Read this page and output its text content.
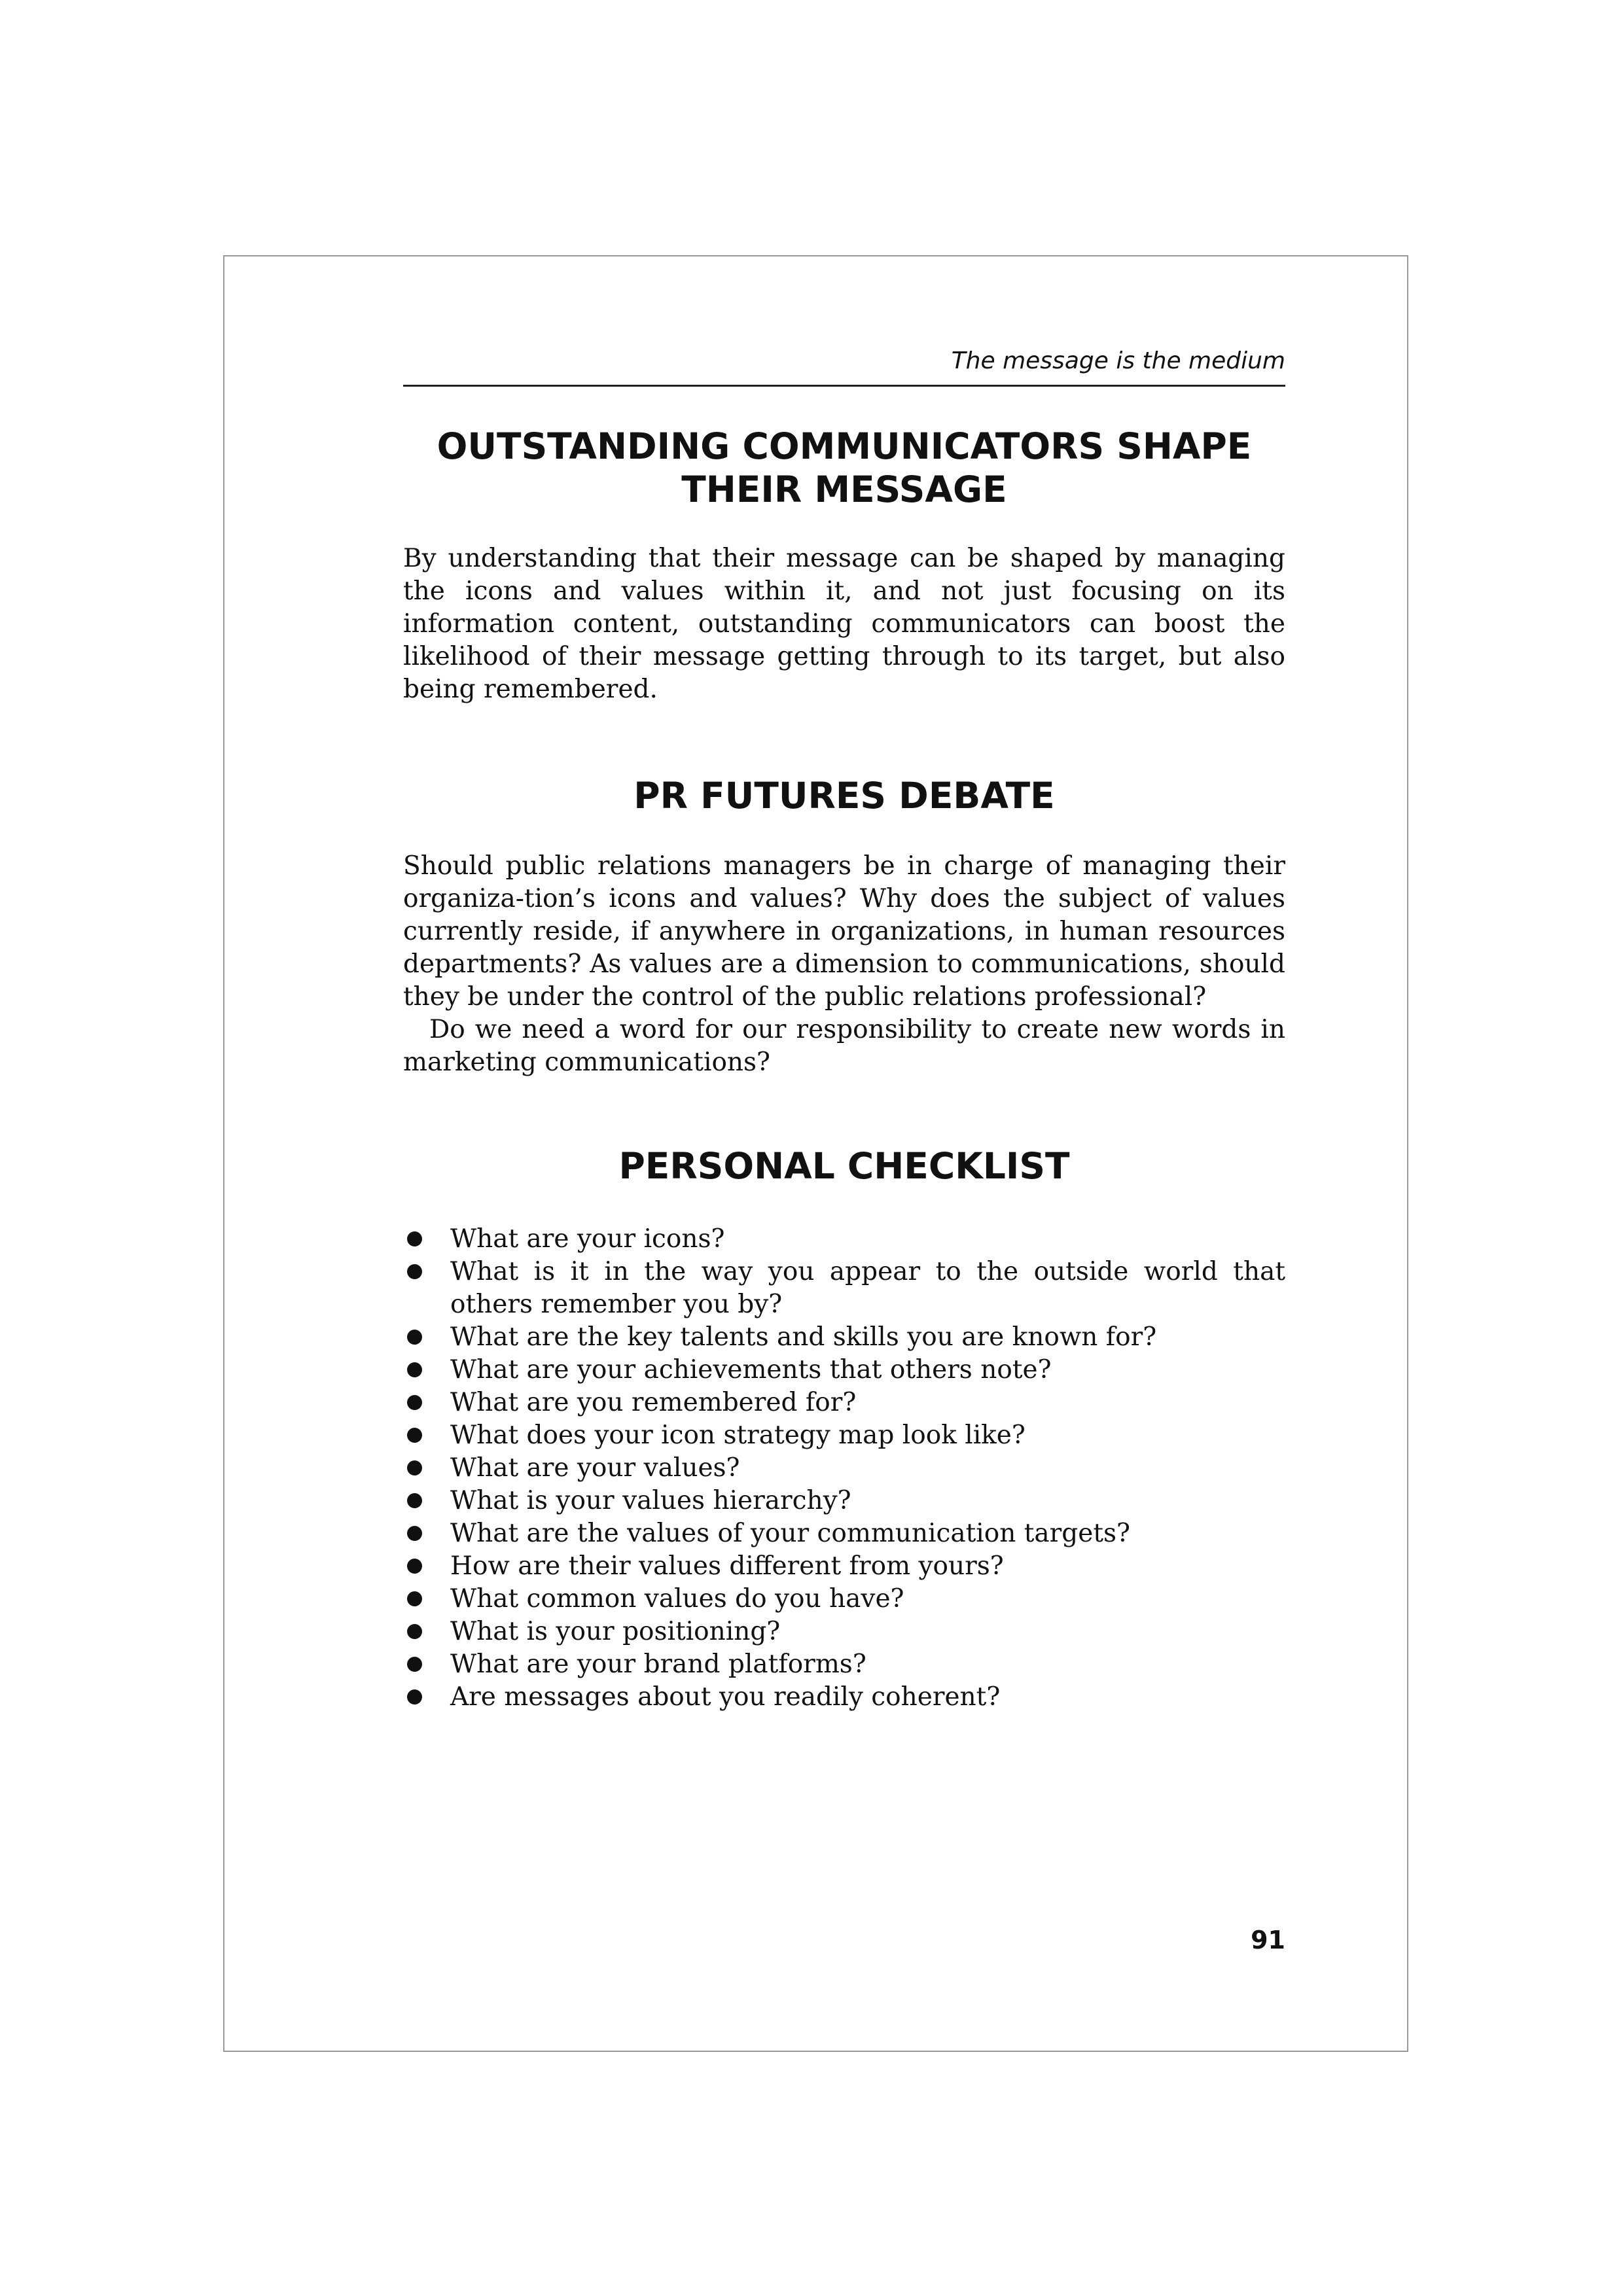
The message is the medium
OUTSTANDING COMMUNICATORS SHAPE THEIR MESSAGE

By understanding that their message can be shaped by managing the icons and values within it, and not just focusing on its information content, outstanding communicators can boost the likelihood of their message getting through to its target, but also being remembered.

PR FUTURES DEBATE

Should public relations managers be in charge of managing their organiza-tion’s icons and values? Why does the subject of values currently reside, if anywhere in organizations, in human resources departments? As values are a dimension to communications, should they be under the control of the public relations professional?

Do we need a word for our responsibility to create new words in marketing communications?

PERSONAL CHECKLIST
What are your icons?
What is it in the way you appear to the outside world that others remember you by?
What are the key talents and skills you are known for?
What are your achievements that others note?
What are you remembered for?
What does your icon strategy map look like?
What are your values?
What is your values hierarchy?
What are the values of your communication targets?
How are their values different from yours?
What common values do you have?
What is your positioning?
What are your brand platforms?
Are messages about you readily coherent?
91
